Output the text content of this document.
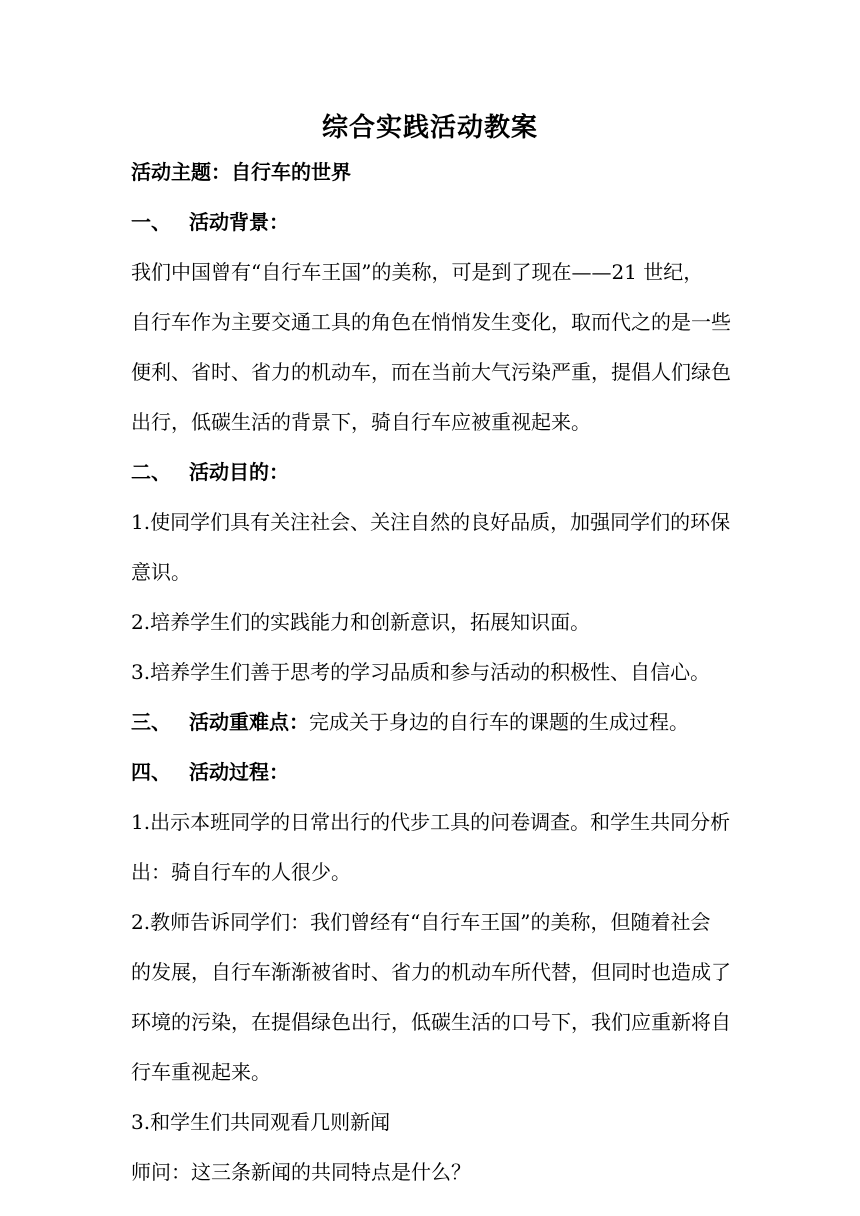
综合实践活动教案
活动主题：自行车的世界
一、 活动背景：
我们中国曾有“自行车王国”的美称，可是到了现在——21 世纪，
自行车作为主要交通工具的角色在悄悄发生变化，取而代之的是一些
便利、省时、省力的机动车，而在当前大气污染严重，提倡人们绿色
出行，低碳生活的背景下，骑自行车应被重视起来。
二、 活动目的：
1.使同学们具有关注社会、关注自然的良好品质，加强同学们的环保
意识。
2.培养学生们的实践能力和创新意识，拓展知识面。
3.培养学生们善于思考的学习品质和参与活动的积极性、自信心。
三、 活动重难点：完成关于身边的自行车的课题的生成过程。
四、 活动过程：
1.出示本班同学的日常出行的代步工具的问卷调查。和学生共同分析
出：骑自行车的人很少。
2.教师告诉同学们：我们曾经有“自行车王国”的美称，但随着社会
的发展，自行车渐渐被省时、省力的机动车所代替，但同时也造成了
环境的污染，在提倡绿色出行，低碳生活的口号下，我们应重新将自
行车重视起来。
3.和学生们共同观看几则新闻
师问：这三条新闻的共同特点是什么？
